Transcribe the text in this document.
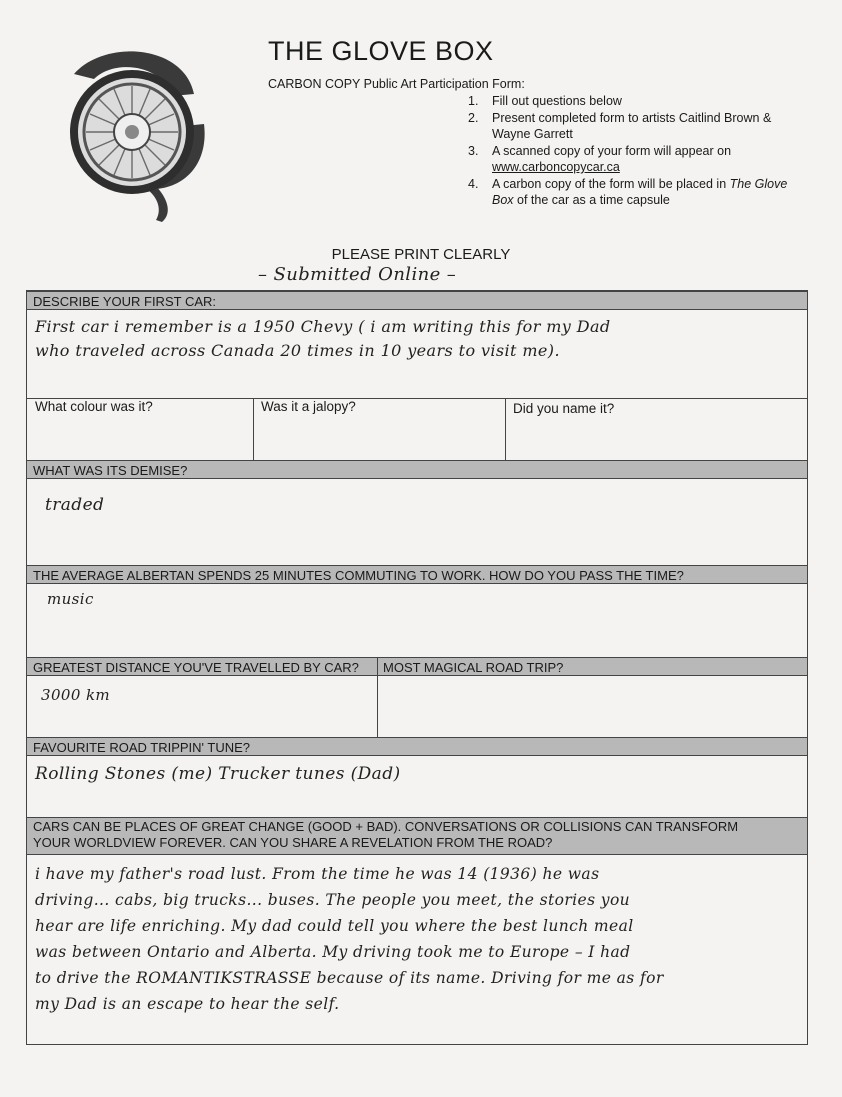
THE GLOVE BOX
CARBON COPY Public Art Participation Form:
1. Fill out questions below
2. Present completed form to artists Caitlind Brown &
Wayne Garrett
3. A scanned copy of your form will appear on
www.carboncopycar.ca
4. A carbon copy of the form will be placed in The Glove
Box of the car as a time capsule
PLEASE PRINT CLEARLY
– Submitted Online –
DESCRIBE YOUR FIRST CAR:
First car i remember is a 1950 Chevy ( i am writing this for my Dad
who traveled across Canada 20 times in 10 years to visit me).
What colour was it?	Was it a jalopy?	Did you name it?
WHAT WAS ITS DEMISE?
traded
THE AVERAGE ALBERTAN SPENDS 25 MINUTES COMMUTING TO WORK. HOW DO YOU PASS THE TIME?
music
GREATEST DISTANCE YOU'VE TRAVELLED BY CAR?	MOST MAGICAL ROAD TRIP?
3000 km
FAVOURITE ROAD TRIPPIN' TUNE?
Rolling Stones (me) Trucker tunes (Dad)
CARS CAN BE PLACES OF GREAT CHANGE (GOOD + BAD). CONVERSATIONS OR COLLISIONS CAN TRANSFORM
YOUR WORLDVIEW FOREVER. CAN YOU SHARE A REVELATION FROM THE ROAD?
i have my father's road lust. From the time he was 14 (1936) he was
driving... cabs, big trucks... buses. The people you meet, the stories you
hear are life enriching. My dad could tell you where the best lunch meal
was between Ontario and Alberta. My driving took me to Europe – I had
to drive the ROMANTIKSTRASSE because of its name. Driving for me as for
my Dad is an escape to hear the self.
